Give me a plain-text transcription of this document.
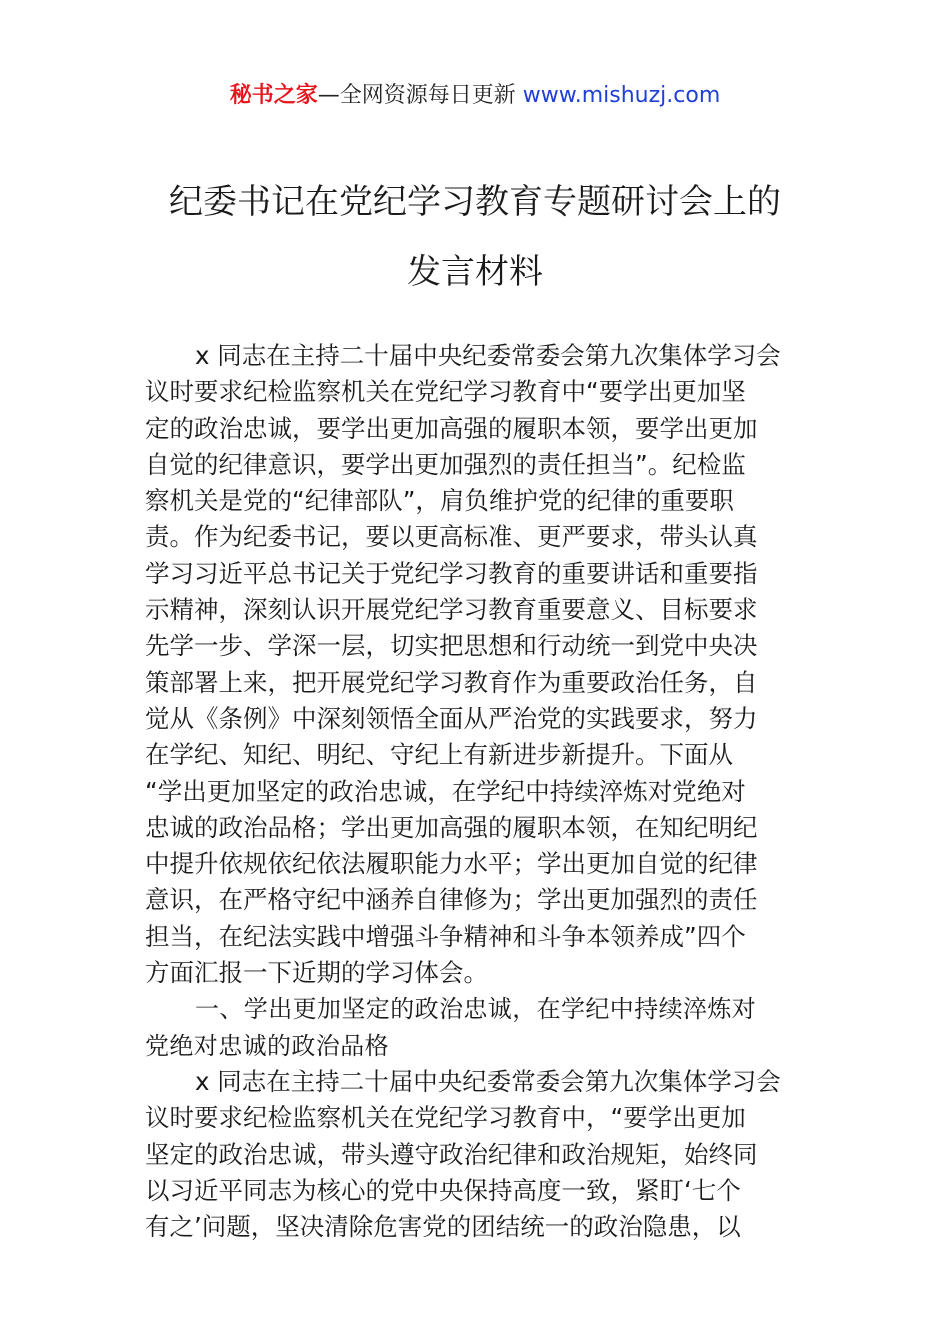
秘书之家—全网资源每日更新 www.mishuzj.com
纪委书记在党纪学习教育专题研讨会上的
发言材料
x 同志在主持二十届中央纪委常委会第九次集体学习会
议时要求纪检监察机关在党纪学习教育中“要学出更加坚
定的政治忠诚，要学出更加高强的履职本领，要学出更加
自觉的纪律意识，要学出更加强烈的责任担当”。纪检监
察机关是党的“纪律部队”，肩负维护党的纪律的重要职
责。作为纪委书记，要以更高标准、更严要求，带头认真
学习习近平总书记关于党纪学习教育的重要讲话和重要指
示精神，深刻认识开展党纪学习教育重要意义、目标要求
先学一步、学深一层，切实把思想和行动统一到党中央决
策部署上来，把开展党纪学习教育作为重要政治任务，自
觉从《条例》中深刻领悟全面从严治党的实践要求，努力
在学纪、知纪、明纪、守纪上有新进步新提升。下面从
“学出更加坚定的政治忠诚，在学纪中持续淬炼对党绝对
忠诚的政治品格；学出更加高强的履职本领，在知纪明纪
中提升依规依纪依法履职能力水平；学出更加自觉的纪律
意识，在严格守纪中涵养自律修为；学出更加强烈的责任
担当，在纪法实践中增强斗争精神和斗争本领养成”四个
方面汇报一下近期的学习体会。
一、学出更加坚定的政治忠诚，在学纪中持续淬炼对
党绝对忠诚的政治品格
x 同志在主持二十届中央纪委常委会第九次集体学习会
议时要求纪检监察机关在党纪学习教育中，“要学出更加
坚定的政治忠诚，带头遵守政治纪律和政治规矩，始终同
以习近平同志为核心的党中央保持高度一致，紧盯‘七个
有之’问题，坚决清除危害党的团结统一的政治隐患，以
